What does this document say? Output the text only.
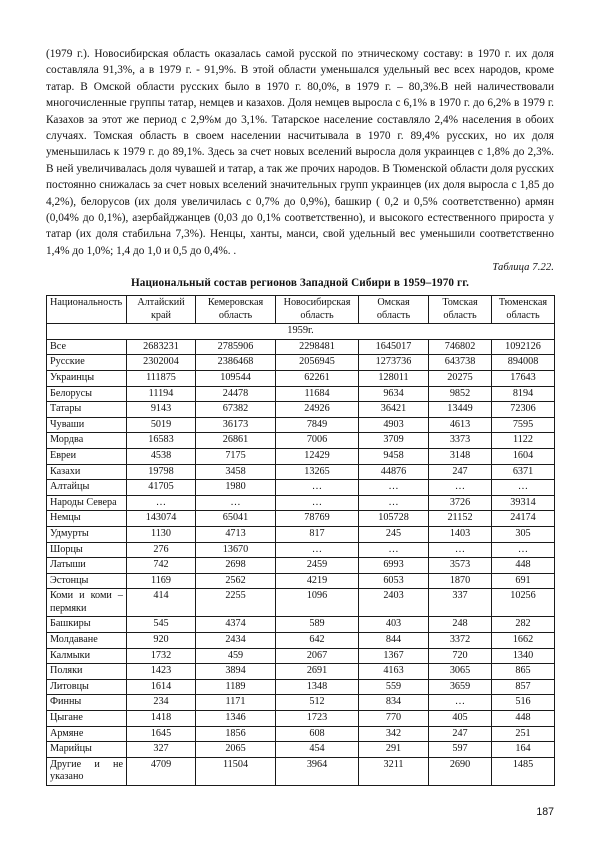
(1979 г.). Новосибирская область оказалась самой русской по этническому составу: в 1970 г. их доля составляла 91,3%, а в 1979 г. - 91,9%. В этой области уменьшался удельный вес всех народов, кроме татар. В Омской области русских было в 1970 г. 80,0%, в 1979 г. – 80,3%.В ней наличествовали многочисленные группы татар, немцев и казахов. Доля немцев выросла с 6,1% в 1970 г. до 6,2% в 1979 г. Казахов за этот же период с 2,9%м до 3,1%. Татарское население составляло 2,4% населения в обоих случаях. Томская область в своем населении насчитывала в 1970 г. 89,4% русских, но их доля уменьшилась к 1979 г. до 89,1%. Здесь за счет новых вселений выросла доля украинцев с 1,8% до 2,3%. В ней увеличивалась доля чувашей и татар, а так же прочих народов. В Тюменской области доля русских постоянно снижалась за счет новых вселений значительных групп украинцев (их доля выросла с 1,85 до 4,2%), белорусов (их доля увеличилась с 0,7% до 0,9%), башкир ( 0,2 и 0,5% соответственно) армян (0,04% до 0,1%), азербайджанцев (0,03 до 0,1% соответственно), и высокого естественного прироста у татар (их доля стабильна 7,3%). Ненцы, ханты, манси, свой удельный вес уменьшили соответственно 1,4% до 1,0%; 1,4 до 1,0 и 0,5 до 0,4%. .

Таблица 7.22.
Национальный состав регионов Западной Сибири в 1959–1970 гг.
Национальность	Алтайский край	Кемеровская область	Новосибирская область	Омская область	Томская область	Тюменская область
1959г.						
Все	2683231	2785906	2298481	1645017	746802	1092126
Русские	2302004	2386468	2056945	1273736	643738	894008
Украинцы	111875	109544	62261	128011	20275	17643
Белорусы	11194	24478	11684	9634	9852	8194
Татары	9143	67382	24926	36421	13449	72306
Чуваши	5019	36173	7849	4903	4613	7595
Мордва	16583	26861	7006	3709	3373	1122
Евреи	4538	7175	12429	9458	3148	1604
Казахи	19798	3458	13265	44876	247	6371
Алтайцы	41705	1980	…	…	…	…
Народы Севера	…	…	…	…	3726	39314
Немцы	143074	65041	78769	105728	21152	24174
Удмурты	1130	4713	817	245	1403	305
Шорцы	276	13670	…	…	…	…
Латыши	742	2698	2459	6993	3573	448
Эстонцы	1169	2562	4219	6053	1870	691
Коми и коми –пермяки	414	2255	1096	2403	337	10256
Башкиры	545	4374	589	403	248	282
Молдаване	920	2434	642	844	3372	1662
Калмыки	1732	459	2067	1367	720	1340
Поляки	1423	3894	2691	4163	3065	865
Литовцы	1614	1189	1348	559	3659	857
Финны	234	1171	512	834	…	516
Цыгане	1418	1346	1723	770	405	448
Армяне	1645	1856	608	342	247	251
Марийцы	327	2065	454	291	597	164
Другие и не указано	4709	11504	3964	3211	2690	1485
187
